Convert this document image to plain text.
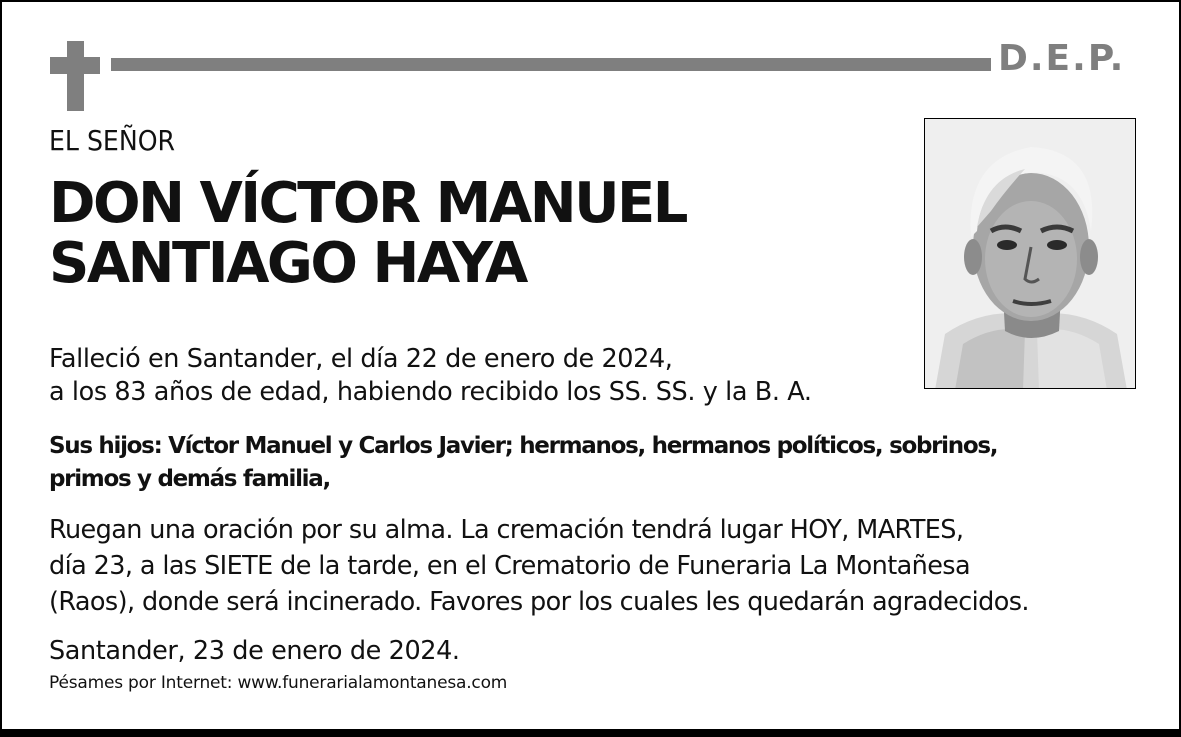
D.E.P.

EL SEÑOR

DON VÍCTOR MANUEL
SANTIAGO HAYA
Falleció en Santander, el día 22 de enero de 2024,
a los 83 años de edad, habiendo recibido los SS. SS. y la B. A.
Sus hijos: Víctor Manuel y Carlos Javier; hermanos, hermanos políticos, sobrinos,
primos y demás familia,
Ruegan una oración por su alma. La cremación tendrá lugar HOY, MARTES,
día 23, a las SIETE de la tarde, en el Crematorio de Funeraria La Montañesa
(Raos), donde será incinerado. Favores por los cuales les quedarán agradecidos.

Santander, 23 de enero de 2024.

Pésames por Internet: www.funerarialamontanesa.com
